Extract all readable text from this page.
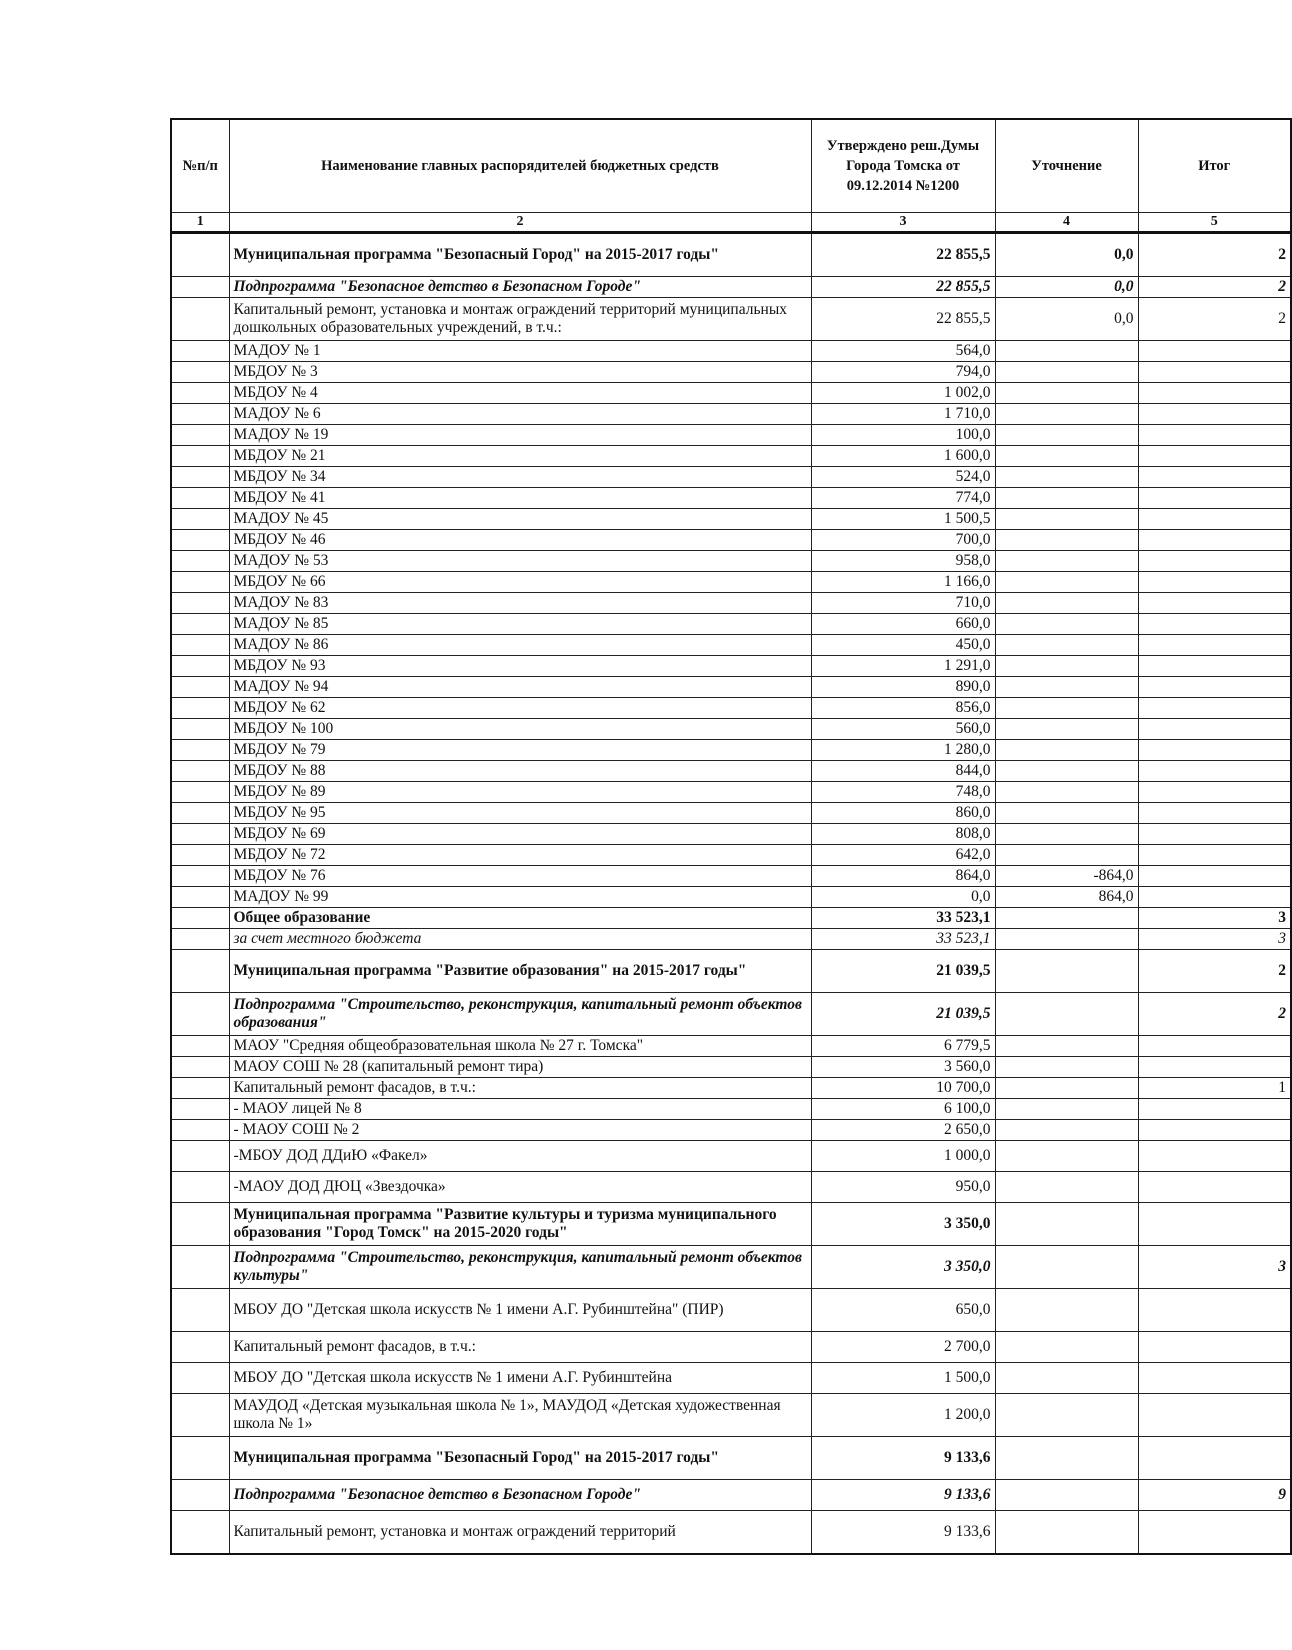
№п/п	Наименование главных распорядителей бюджетных средств	Утверждено реш.Думы Города Томска от 09.12.2014 №1200	Уточнение	Итог
1	2	3	4	5
	Муниципальная программа "Безопасный Город" на 2015-2017 годы"	22 855,5	0,0	2
	Подпрограмма "Безопасное детство в Безопасном Городе"	22 855,5	0,0	2
	Капитальный ремонт, установка и монтаж ограждений территорий муниципальных дошкольных образовательных учреждений, в т.ч.:	22 855,5	0,0	2
	МАДОУ № 1	564,0		
	МБДОУ № 3	794,0		
	МБДОУ № 4	1 002,0		
	МАДОУ № 6	1 710,0		
	МАДОУ № 19	100,0		
	МБДОУ № 21	1 600,0		
	МБДОУ № 34	524,0		
	МБДОУ № 41	774,0		
	МАДОУ № 45	1 500,5		
	МБДОУ № 46	700,0		
	МАДОУ № 53	958,0		
	МБДОУ № 66	1 166,0		
	МАДОУ № 83	710,0		
	МАДОУ № 85	660,0		
	МАДОУ № 86	450,0		
	МБДОУ № 93	1 291,0		
	МАДОУ № 94	890,0		
	МБДОУ № 62	856,0		
	МБДОУ № 100	560,0		
	МБДОУ № 79	1 280,0		
	МБДОУ № 88	844,0		
	МБДОУ № 89	748,0		
	МБДОУ № 95	860,0		
	МБДОУ № 69	808,0		
	МБДОУ № 72	642,0		
	МБДОУ № 76	864,0	-864,0	
	МАДОУ № 99	0,0	864,0	
	Общее образование	33 523,1		3
	за счет местного бюджета	33 523,1		3
	Муниципальная программа "Развитие образования" на 2015-2017 годы"	21 039,5		2
	Подпрограмма "Строительство, реконструкция, капитальный ремонт объектов образования"	21 039,5		2
	МАОУ "Средняя общеобразовательная школа № 27 г. Томска"	6 779,5		
	МАОУ СОШ № 28 (капитальный ремонт тира)	3 560,0		
	Капитальный ремонт фасадов, в т.ч.:	10 700,0		1
	- МАОУ лицей № 8	6 100,0		
	- МАОУ СОШ № 2	2 650,0		
	-МБОУ ДОД ДДиЮ «Факел»	1 000,0		
	-МАОУ ДОД ДЮЦ «Звездочка»	950,0		
	Муниципальная программа "Развитие культуры и туризма муниципального образования "Город Томск" на 2015-2020 годы"	3 350,0		
	Подпрограмма "Строительство, реконструкция, капитальный ремонт объектов культуры"	3 350,0		3
	МБОУ ДО "Детская школа искусств № 1 имени А.Г. Рубинштейна" (ПИР)	650,0		
	Капитальный ремонт фасадов, в т.ч.:	2 700,0		
	МБОУ ДО "Детская школа искусств № 1 имени А.Г. Рубинштейна	1 500,0		
	МАУДОД «Детская музыкальная школа № 1», МАУДОД «Детская художественная школа № 1»	1 200,0		
	Муниципальная программа "Безопасный Город" на 2015-2017 годы"	9 133,6		
	Подпрограмма "Безопасное детство в Безопасном Городе"	9 133,6		9
	Капитальный ремонт, установка и монтаж ограждений территорий	9 133,6		
